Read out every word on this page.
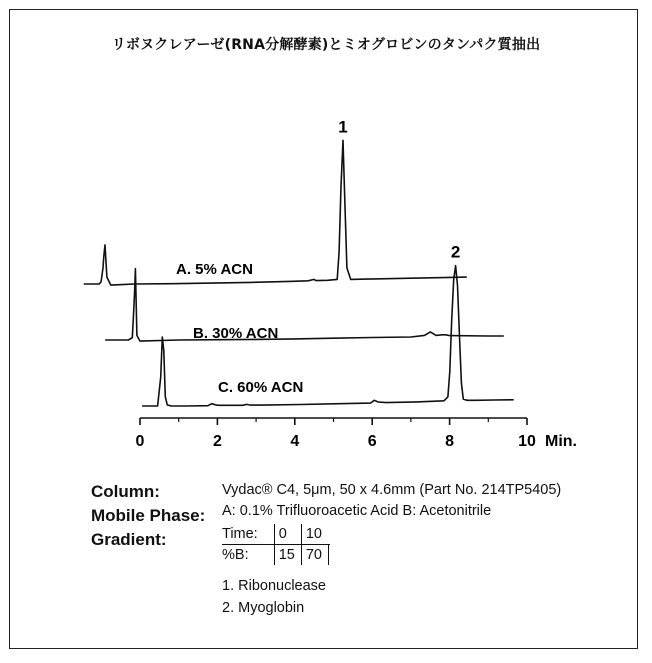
リボヌクレアーゼ(RNA分解酵素)とミオグロビンのタンパク質抽出
A. 5% ACN
B. 30% ACN
C. 60% ACN
1
2
0	2	4	6	8	10 Min.
Column:	Vydac® C4, 5μm, 50 x 4.6mm (Part No. 214TP5405)
Mobile Phase: A: 0.1% Trifluoroacetic Acid B: Acetonitrile
Gradient:	Time:	0	10	
%B:	15	70	
1. Ribonuclease
2. Myoglobin
